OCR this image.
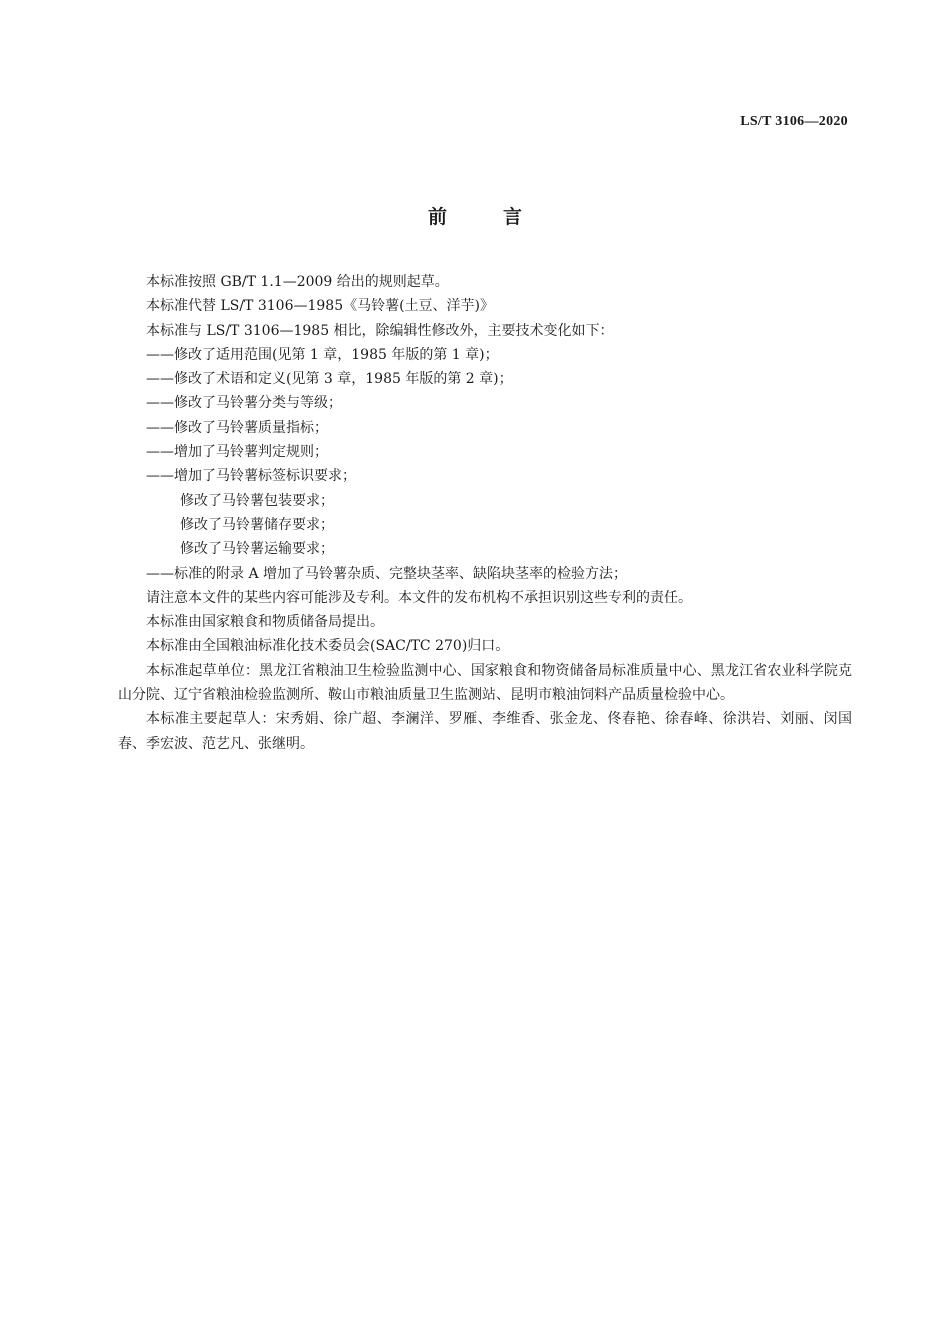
LS/T 3106—2020
前言

本标准按照 GB/T 1.1—2009 给出的规则起草。

本标准代替 LS/T 3106—1985《马铃薯(土豆、洋芋)》

本标准与 LS/T 3106—1985 相比，除编辑性修改外，主要技术变化如下：

——修改了适用范围(见第 1 章，1985 年版的第 1 章)；

——修改了术语和定义(见第 3 章，1985 年版的第 2 章)；

——修改了马铃薯分类与等级；

——修改了马铃薯质量指标；

——增加了马铃薯判定规则；

——增加了马铃薯标签标识要求；

修改了马铃薯包装要求；

修改了马铃薯储存要求；

修改了马铃薯运输要求；

——标准的附录 A 增加了马铃薯杂质、完整块茎率、缺陷块茎率的检验方法；

请注意本文件的某些内容可能涉及专利。本文件的发布机构不承担识别这些专利的责任。

本标准由国家粮食和物质储备局提出。

本标准由全国粮油标准化技术委员会(SAC/TC 270)归口。

本标准起草单位：黑龙江省粮油卫生检验监测中心、国家粮食和物资储备局标准质量中心、黑龙江省农业科学院克山分院、辽宁省粮油检验监测所、鞍山市粮油质量卫生监测站、昆明市粮油饲料产品质量检验中心。

本标准主要起草人：宋秀娟、徐广超、李澜洋、罗雁、李维香、张金龙、佟春艳、徐春峰、徐洪岩、刘丽、闵国春、季宏波、范艺凡、张继明。
